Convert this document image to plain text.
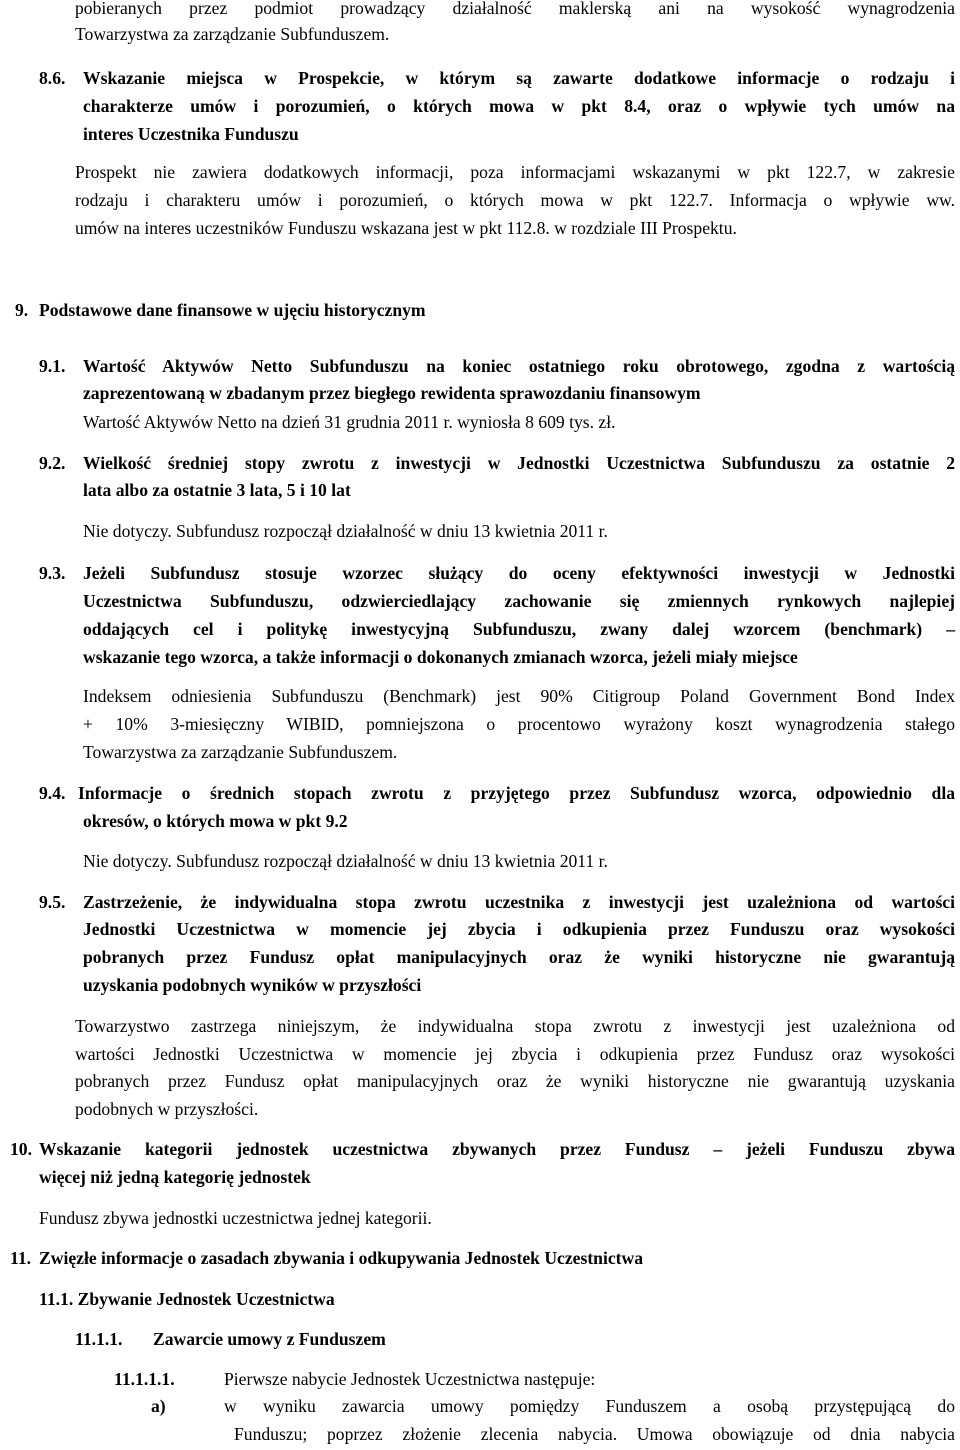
pobieranych przez podmiot prowadzący działalność maklerską ani na wysokość wynagrodzenia
Towarzystwa za zarządzanie Subfunduszem.
8.6. Wskazanie miejsca w Prospekcie, w którym są zawarte dodatkowe informacje o rodzaju i
charakterze umów i porozumień, o których mowa w pkt 8.4, oraz o wpływie tych umów na
interes Uczestnika Funduszu
Prospekt nie zawiera dodatkowych informacji, poza informacjami wskazanymi w pkt 122.7, w zakresie
rodzaju i charakteru umów i porozumień, o których mowa w pkt 122.7. Informacja o wpływie ww.
umów na interes uczestników Funduszu wskazana jest w pkt 112.8. w rozdziale III Prospektu.
9. Podstawowe dane finansowe w ujęciu historycznym
9.1. Wartość Aktywów Netto Subfunduszu na koniec ostatniego roku obrotowego, zgodna z wartością
zaprezentowaną w zbadanym przez biegłego rewidenta sprawozdaniu finansowym
Wartość Aktywów Netto na dzień 31 grudnia 2011 r. wyniosła 8 609 tys. zł.
9.2. Wielkość średniej stopy zwrotu z inwestycji w Jednostki Uczestnictwa Subfunduszu za ostatnie 2
lata albo za ostatnie 3 lata, 5 i 10 lat
Nie dotyczy. Subfundusz rozpoczął działalność w dniu 13 kwietnia 2011 r.
9.3. Jeżeli Subfundusz stosuje wzorzec służący do oceny efektywności inwestycji w Jednostki
Uczestnictwa Subfunduszu, odzwierciedlający zachowanie się zmiennych rynkowych najlepiej
oddających cel i politykę inwestycyjną Subfunduszu, zwany dalej wzorcem (benchmark) –
wskazanie tego wzorca, a także informacji o dokonanych zmianach wzorca, jeżeli miały miejsce
Indeksem odniesienia Subfunduszu (Benchmark) jest 90% Citigroup Poland Government Bond Index
+ 10% 3-miesięczny WIBID, pomniejszona o procentowo wyrażony koszt wynagrodzenia stałego
Towarzystwa za zarządzanie Subfunduszem.
9.4. Informacje o średnich stopach zwrotu z przyjętego przez Subfundusz wzorca, odpowiednio dla
okresów, o których mowa w pkt 9.2
Nie dotyczy. Subfundusz rozpoczął działalność w dniu 13 kwietnia 2011 r.
9.5. Zastrzeżenie, że indywidualna stopa zwrotu uczestnika z inwestycji jest uzależniona od wartości
Jednostki Uczestnictwa w momencie jej zbycia i odkupienia przez Funduszu oraz wysokości
pobranych przez Fundusz opłat manipulacyjnych oraz że wyniki historyczne nie gwarantują
uzyskania podobnych wyników w przyszłości
Towarzystwo zastrzega niniejszym, że indywidualna stopa zwrotu z inwestycji jest uzależniona od
wartości Jednostki Uczestnictwa w momencie jej zbycia i odkupienia przez Fundusz oraz wysokości
pobranych przez Fundusz opłat manipulacyjnych oraz że wyniki historyczne nie gwarantują uzyskania
podobnych w przyszłości.
10. Wskazanie kategorii jednostek uczestnictwa zbywanych przez Fundusz – jeżeli Funduszu zbywa
więcej niż jedną kategorię jednostek
Fundusz zbywa jednostki uczestnictwa jednej kategorii.
11. Zwięzłe informacje o zasadach zbywania i odkupywania Jednostek Uczestnictwa
11.1. Zbywanie Jednostek Uczestnictwa
11.1.1. Zawarcie umowy z Funduszem
11.1.1.1.	Pierwsze nabycie Jednostek Uczestnictwa następuje:
a)	w wyniku zawarcia umowy pomiędzy Funduszem a osobą przystępującą do
Funduszu; poprzez złożenie zlecenia nabycia. Umowa obowiązuje od dnia nabycia
